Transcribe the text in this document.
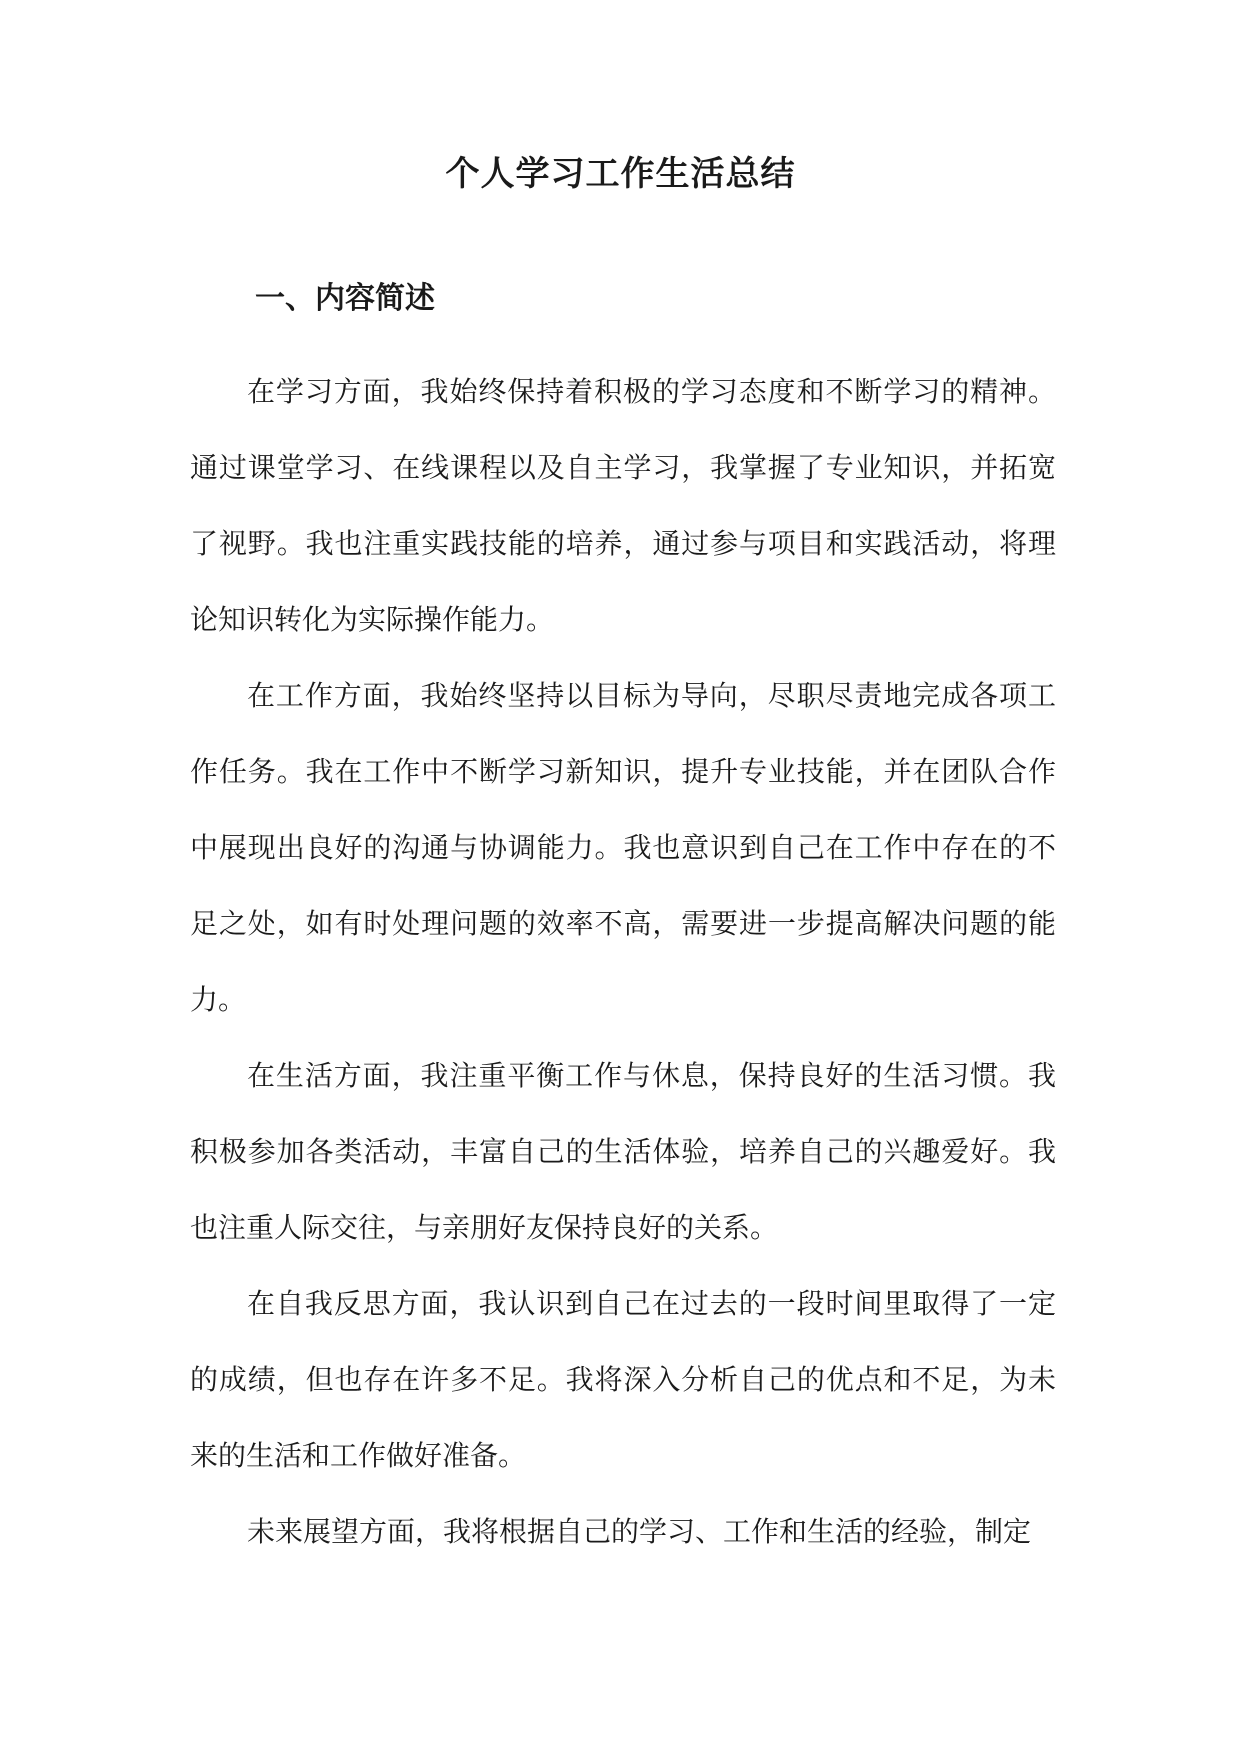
个人学习工作生活总结
一、内容简述

在学习方面，我始终保持着积极的学习态度和不断学习的精神。通过课堂学习、在线课程以及自主学习，我掌握了专业知识，并拓宽了视野。我也注重实践技能的培养，通过参与项目和实践活动，将理论知识转化为实际操作能力。

在工作方面，我始终坚持以目标为导向，尽职尽责地完成各项工作任务。我在工作中不断学习新知识，提升专业技能，并在团队合作中展现出良好的沟通与协调能力。我也意识到自己在工作中存在的不足之处，如有时处理问题的效率不高，需要进一步提高解决问题的能力。

在生活方面，我注重平衡工作与休息，保持良好的生活习惯。我积极参加各类活动，丰富自己的生活体验，培养自己的兴趣爱好。我也注重人际交往，与亲朋好友保持良好的关系。

在自我反思方面，我认识到自己在过去的一段时间里取得了一定的成绩，但也存在许多不足。我将深入分析自己的优点和不足，为未来的生活和工作做好准备。

未来展望方面，我将根据自己的学习、工作和生活的经验，制定
